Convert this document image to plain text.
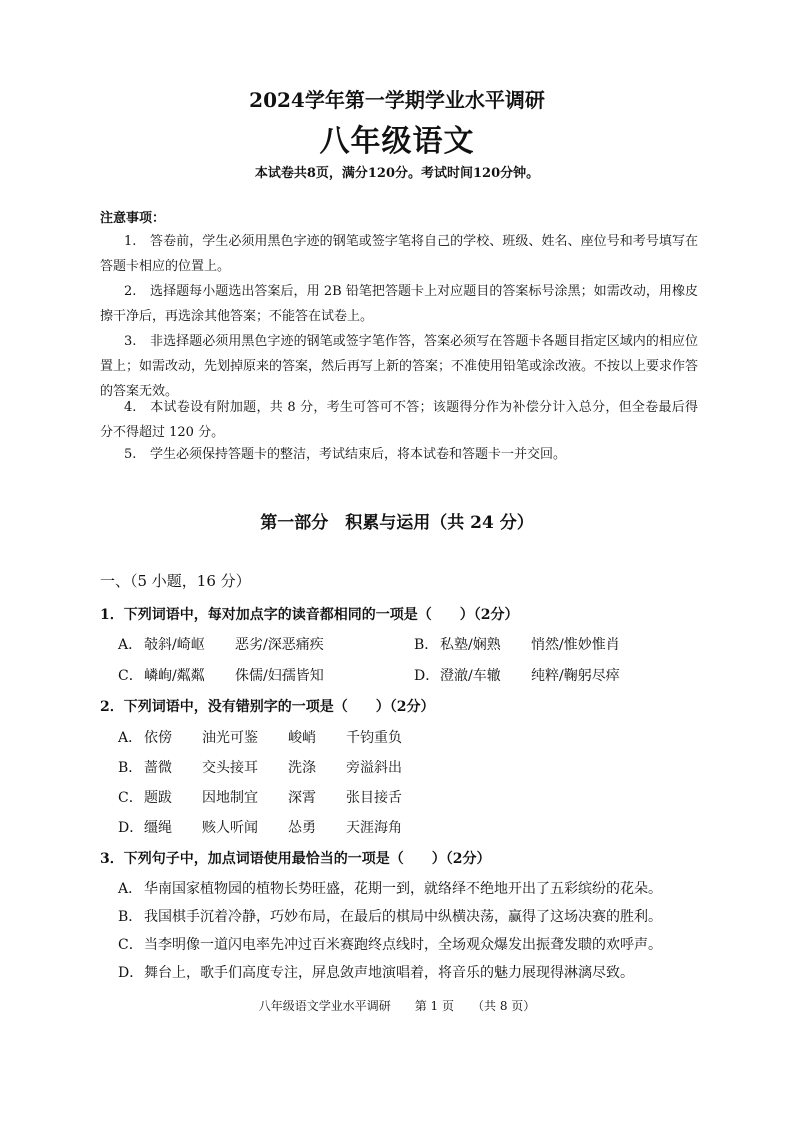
2024学年第一学期学业水平调研
八年级语文
本试卷共8页，满分120分。考试时间120分钟。
注意事项：
1. 答卷前，学生必须用黑色字迹的钢笔或签字笔将自己的学校、班级、姓名、座位号和考号填写在答题卡相应的位置上。
2. 选择题每小题选出答案后，用 2B 铅笔把答题卡上对应题目的答案标号涂黑；如需改动，用橡皮擦干净后，再选涂其他答案；不能答在试卷上。
3. 非选择题必须用黑色字迹的钢笔或签字笔作答，答案必须写在答题卡各题目指定区域内的相应位置上；如需改动，先划掉原来的答案，然后再写上新的答案；不准使用铅笔或涂改液。不按以上要求作答的答案无效。
4. 本试卷设有附加题，共 8 分，考生可答可不答；该题得分作为补偿分计入总分，但全卷最后得分不得超过 120 分。
5. 学生必须保持答题卡的整洁，考试结束后，将本试卷和答题卡一并交回。
第一部分　积累与运用（共 24 分）
一、（5 小题，16 分）
1．下列词语中，每对加点字的读音都相同的一项是（　　）（2分）
A． 攲斜/崎岖 恶劣/深恶痛疾	B． 私塾/娴熟 悄然/惟妙惟肖
C． 嶙峋/粼粼 侏儒/妇孺皆知	D． 澄澈/车辙 纯粹/鞠躬尽瘁
2．下列词语中，没有错别字的一项是（　　）（2分）
A． 依傍 油光可鉴 峻峭 千钧重负
B． 蔷微 交头接耳 洗涤 旁溢斜出
C． 题跋 因地制宜 深霄 张目接舌
D． 缰绳 赅人听闻 怂勇 天涯海角
3．下列句子中，加点词语使用最恰当的一项是（　　）（2分）
A． 华南国家植物园的植物长势旺盛，花期一到，就络绎不绝地开出了五彩缤纷的花朵。
B． 我国棋手沉着冷静，巧妙布局，在最后的棋局中纵横决荡，赢得了这场决赛的胜利。
C． 当李明像一道闪电率先冲过百米赛跑终点线时，全场观众爆发出振聋发聩的欢呼声。
D． 舞台上，歌手们高度专注，屏息敛声地演唱着，将音乐的魅力展现得淋漓尽致。
八年级语文学业水平调研　　第 1 页　　（共 8 页）
